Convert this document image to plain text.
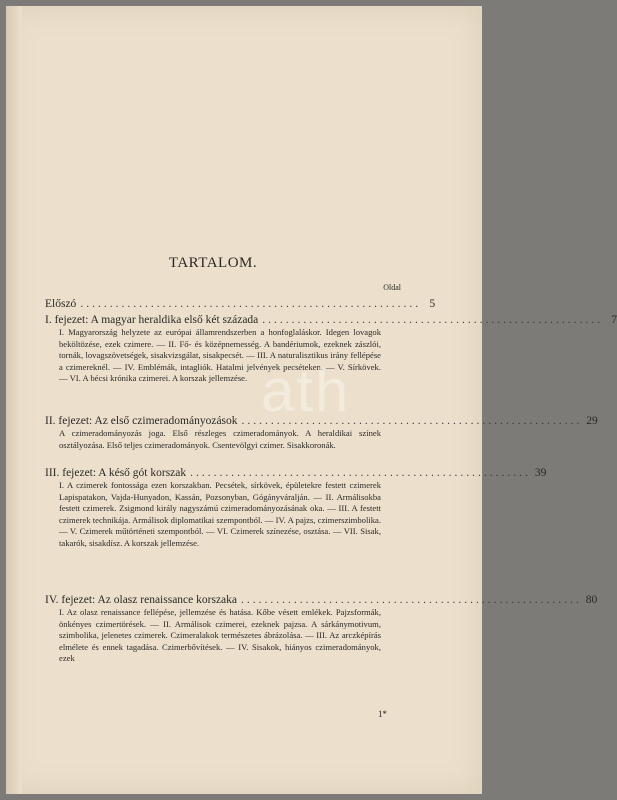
TARTALOM.
Oldal
Előszó .......................................................... 5
I. fejezet: A magyar heraldika első két százada .......................................................... 7
I. Magyarország helyzete az európai államrendszerben a honfoglaláskor. Idegen lovagok beköltözése, ezek czimere. — II. Fő- és középnemesség. A bandériumok, ezeknek zászlói, tornák, lovagszövetségek, sisakvizsgálat, sisakpecsét. — III. A naturalisztikus irány fellépése a czimereknél. — IV. Emblémák, intagliók. Hatalmi jelvények pecséteken. — V. Sírkövek. — VI. A bécsi krónika czimerei. A korszak jellemzése.
II. fejezet: Az első czimeradományozások .......................................................... 29
A czimeradományozás joga. Első részleges czimeradományok. A heraldikai színek osztályozása. Első teljes czimeradományok. Csentevölgyi czimer. Sisakkoronák.
III. fejezet: A késő gót korszak .......................................................... 39
I. A czimerek fontossága ezen korszakban. Pecsétek, sírkövek, épületekre festett czimerek Lapispatakon, Vajda-Hunyadon, Kassán, Pozsonyban, Gógányváralján. — II. Armálisokba festett czimerek. Zsigmond király nagyszámú czimeradományozásának oka. — III. A festett czimerek technikája. Armálisok diplomatikai szempontból. — IV. A pajzs, czimerszimbolika. — V. Czimerek műtörténeti szempontból. — VI. Czimerek színezése, osztása. — VII. Sisak, takarók, sisakdísz. A korszak jellemzése.
IV. fejezet: Az olasz renaissance korszaka .......................................................... 80
I. Az olasz renaissance fellépése, jellemzése és hatása. Kőbe vésett emlékek. Pajzsformák, önkényes czimertörések. — II. Armálisok czimerei, ezeknek pajzsa. A sárkánymotivum, szimbolika, jelenetes czimerek. Czimeralakok természetes ábrázolása. — III. Az arczképírás elmélete és ennek tagadása. Czimerbővítések. — IV. Sisakok, hiányos czimeradományok, ezek
1*
ath
